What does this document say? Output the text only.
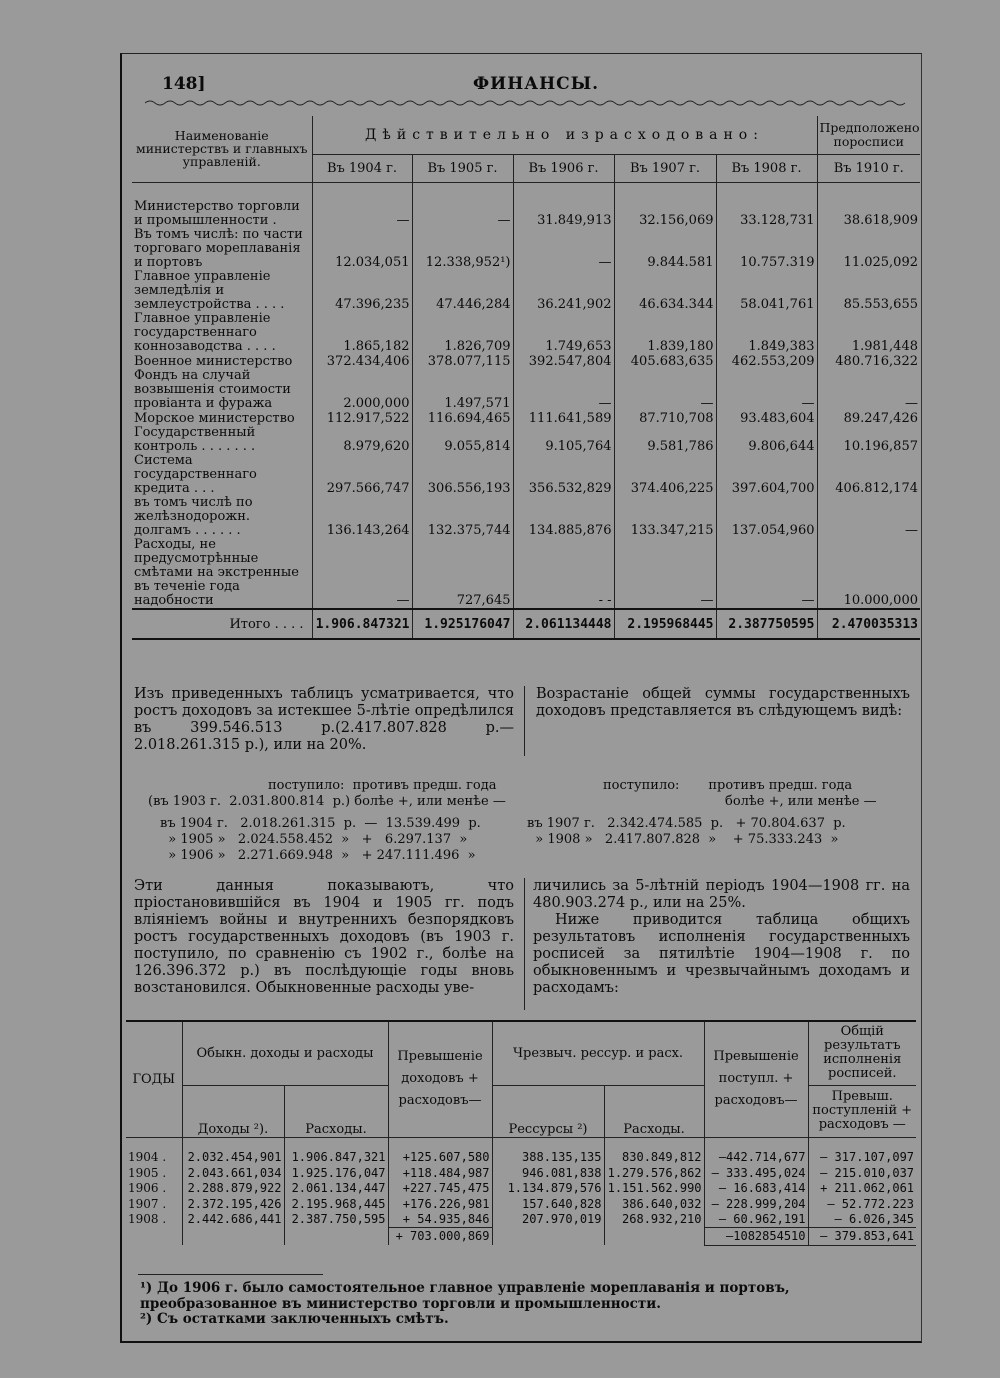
148]	ФИНАНСЫ.
Наименованіе министерствъ и главныхъ управленій.	Дѣйствительно израсходовано:					Предположено поросписи
	Въ 1904 г.	Въ 1905 г.	Въ 1906 г.	Въ 1907 г.	Въ 1908 г.	Въ 1910 г.

Министерство торговли и промышленности .	—	—	31.849,913	32.156,069	33.128,731	38.618,909
Въ томъ числѣ: по части торговаго мореплаванія и портовъ	12.034,051	12.338,952¹)	—	9.844.581	10.757.319	11.025,092
Главное управленіе земледѣлія и землеустройства . . . .	47.396,235	47.446,284	36.241,902	46.634.344	58.041,761	85.553,655
Главное управленіе государственнаго коннозаводства . . . .	1.865,182	1.826,709	1.749,653	1.839,180	1.849,383	1.981,448
Военное министерство	372.434,406	378.077,115	392.547,804	405.683,635	462.553,209	480.716,322
Фондъ на случай возвышенія стоимости провіанта и фуража	2.000,000	1.497,571	—	—	—	—
Морское министерство	112.917,522	116.694,465	111.641,589	87.710,708	93.483,604	89.247,426
Государственный контроль . . . . . . .	8.979,620	9.055,814	9.105,764	9.581,786	9.806,644	10.196,857
Система государственнаго кредита . . .	297.566,747	306.556,193	356.532,829	374.406,225	397.604,700	406.812,174
въ томъ числѣ по желѣзнодорожн. долгамъ . . . . . .	136.143,264	132.375,744	134.885,876	133.347,215	137.054,960	—
Расходы, не предусмотрѣнные смѣтами на экстренные въ теченіе года надобности	—	727,645	- -	—	—	10.000,000
Итого . . . .	1.906.847321	1.925176047	2.061134448	2.195968445	2.387750595	2.470035313
Изъ приведенныхъ таблицъ усматривается, что ростъ доходовъ за истекшее 5-лѣтіе опредѣлился въ 399.546.513 р.(2.417.807.828 р.— 2.018.261.315 р.), или на 20%.
Возрастаніе общей суммы государственныхъ доходовъ представляется въ слѣдующемъ видѣ:
поступило:  противъ предш. года
(въ 1903 г.  2.031.800.814  р.) болѣе +, или менѣе —
поступило:       противъ предш. года
болѣе +, или менѣе —
въ 1904 г.   2.018.261.315  р.  —  13.539.499  р.
» 1905 »   2.024.558.452  »   +   6.297.137  »
» 1906 »   2.271.669.948  »   + 247.111.496  »
въ 1907 г.   2.342.474.585  р.   + 70.804.637  р.
» 1908 »   2.417.807.828  »    + 75.333.243  »
Эти данныя показываютъ, что пріостановившійся въ 1904 и 1905 гг. подъ вліяніемъ войны и внутреннихъ безпорядковъ ростъ государственныхъ доходовъ (въ 1903 г. поступило, по сравненію съ 1902 г., болѣе на 126.396.372 р.) въ послѣдующіе годы вновь возстановился. Обыкновенные расходы уве-
личились за 5-лѣтній періодъ 1904—1908 гг. на 480.903.274 р., или на 25%.
Ниже приводится таблица общихъ результатовъ исполненія государственныхъ росписей за пятилѣтіе 1904—1908 г. по обыкновеннымъ и чрезвычайнымъ доходамъ и расходамъ:
ГОДЫ	Обыкн. доходы и расходы		Превышеніе доходовъ + расходовъ—	Чрезвыч. рессур. и расх.		Превышеніе поступл. + расходовъ—	Общій результатъ исполненія росписей.
	Доходы ²).	Расходы.		Рессурсы ²)	Расходы.		Превыш. поступленій + расходовъ —

1904 .	2.032.454,901	1.906.847,321	+125.607,580	388.135,135	830.849,812	—442.714,677	— 317.107,097
1905 .	2.043.661,034	1.925.176,047	+118.484,987	946.081,838	1.279.576,862	— 333.495,024	— 215.010,037
1906 .	2.288.879,922	2.061.134,447	+227.745,475	1.134.879,576	1.151.562.990	— 16.683,414	+ 211.062,061
1907 .	2.372.195,426	2.195.968,445	+176.226,981	157.640,828	386.640,032	— 228.999,204	— 52.772.223
1908 .	2.442.686,441	2.387.750,595	+ 54.935,846	207.970,019	268.932,210	— 60.962,191	— 6.026,345
			+ 703.000,869			—1082854510	— 379.853,641
¹) До 1906 г. было самостоятельное главное управленіе мореплаванія и портовъ, преобразованное въ министерство торговли и промышленности.
²) Съ остатками заключенныхъ смѣтъ.
